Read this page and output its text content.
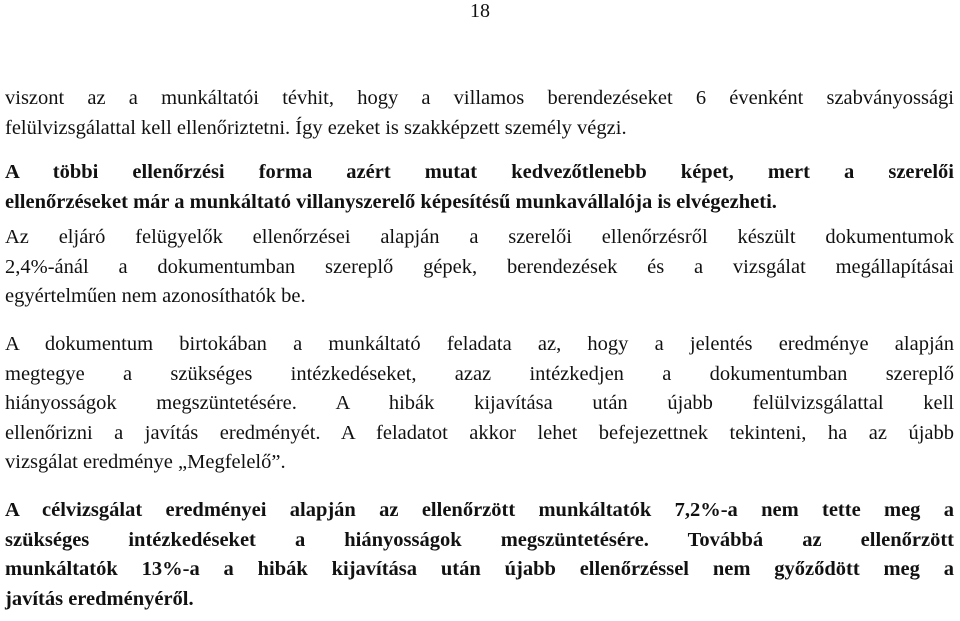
18
viszont az a munkáltatói tévhit, hogy a villamos berendezéseket 6 évenként szabványossági
felülvizsgálattal kell ellenőriztetni. Így ezeket is szakképzett személy végzi.
A többi ellenőrzési forma azért mutat kedvezőtlenebb képet, mert a szerelői
ellenőrzéseket már a munkáltató villanyszerelő képesítésű munkavállalója is elvégezheti.
Az eljáró felügyelők ellenőrzései alapján a szerelői ellenőrzésről készült dokumentumok
2,4%-ánál a dokumentumban szereplő gépek, berendezések és a vizsgálat megállapításai
egyértelműen nem azonosíthatók be.
A dokumentum birtokában a munkáltató feladata az, hogy a jelentés eredménye alapján
megtegye a szükséges intézkedéseket, azaz intézkedjen a dokumentumban szereplő
hiányosságok megszüntetésére. A hibák kijavítása után újabb felülvizsgálattal kell
ellenőrizni a javítás eredményét. A feladatot akkor lehet befejezettnek tekinteni, ha az újabb
vizsgálat eredménye „Megfelelő”.
A célvizsgálat eredményei alapján az ellenőrzött munkáltatók 7,2%-a nem tette meg a
szükséges intézkedéseket a hiányosságok megszüntetésére. Továbbá az ellenőrzött
munkáltatók 13%-a a hibák kijavítása után újabb ellenőrzéssel nem győződött meg a
javítás eredményéről.
